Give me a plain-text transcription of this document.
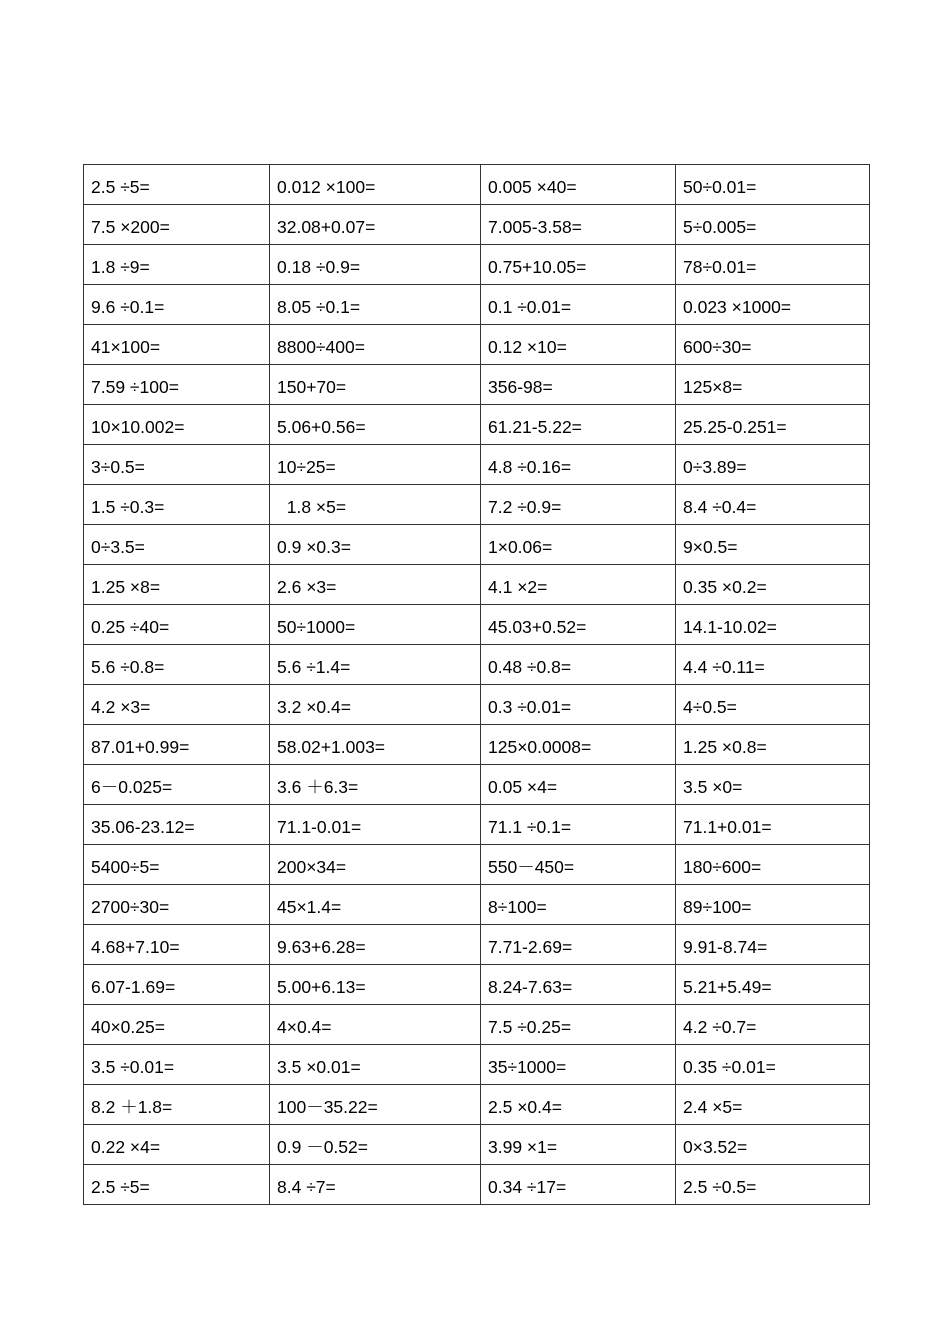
2.5 ÷5=	0.012 ×100=	0.005 ×40=	50÷0.01=
7.5 ×200=	32.08+0.07=	7.005-3.58=	5÷0.005=
1.8 ÷9=	0.18 ÷0.9=	0.75+10.05=	78÷0.01=
9.6 ÷0.1=	8.05 ÷0.1=	0.1 ÷0.01=	0.023 ×1000=
41×100=	8800÷400=	0.12 ×10=	600÷30=
7.59 ÷100=	150+70=	356-98=	125×8=
10×10.002=	5.06+0.56=	61.21-5.22=	25.25-0.251=
3÷0.5=	10÷25=	4.8 ÷0.16=	0÷3.89=
1.5 ÷0.3=	1.8 ×5=	7.2 ÷0.9=	8.4 ÷0.4=
0÷3.5=	0.9 ×0.3=	1×0.06=	9×0.5=
1.25 ×8=	2.6 ×3=	4.1 ×2=	0.35 ×0.2=
0.25 ÷40=	50÷1000=	45.03+0.52=	14.1-10.02=
5.6 ÷0.8=	5.6 ÷1.4=	0.48 ÷0.8=	4.4 ÷0.11=
4.2 ×3=	3.2 ×0.4=	0.3 ÷0.01=	4÷0.5=
87.01+0.99=	58.02+1.003=	125×0.0008=	1.25 ×0.8=
6－0.025=	3.6 ＋6.3=	0.05 ×4=	3.5 ×0=
35.06-23.12=	71.1-0.01=	71.1 ÷0.1=	71.1+0.01=
5400÷5=	200×34=	550－450=	180÷600=
2700÷30=	45×1.4=	8÷100=	89÷100=
4.68+7.10=	9.63+6.28=	7.71-2.69=	9.91-8.74=
6.07-1.69=	5.00+6.13=	8.24-7.63=	5.21+5.49=
40×0.25=	4×0.4=	7.5 ÷0.25=	4.2 ÷0.7=
3.5 ÷0.01=	3.5 ×0.01=	35÷1000=	0.35 ÷0.01=
8.2 ＋1.8=	100－35.22=	2.5 ×0.4=	2.4 ×5=
0.22 ×4=	0.9 －0.52=	3.99 ×1=	0×3.52=
2.5 ÷5=	8.4 ÷7=	0.34 ÷17=	2.5 ÷0.5=
